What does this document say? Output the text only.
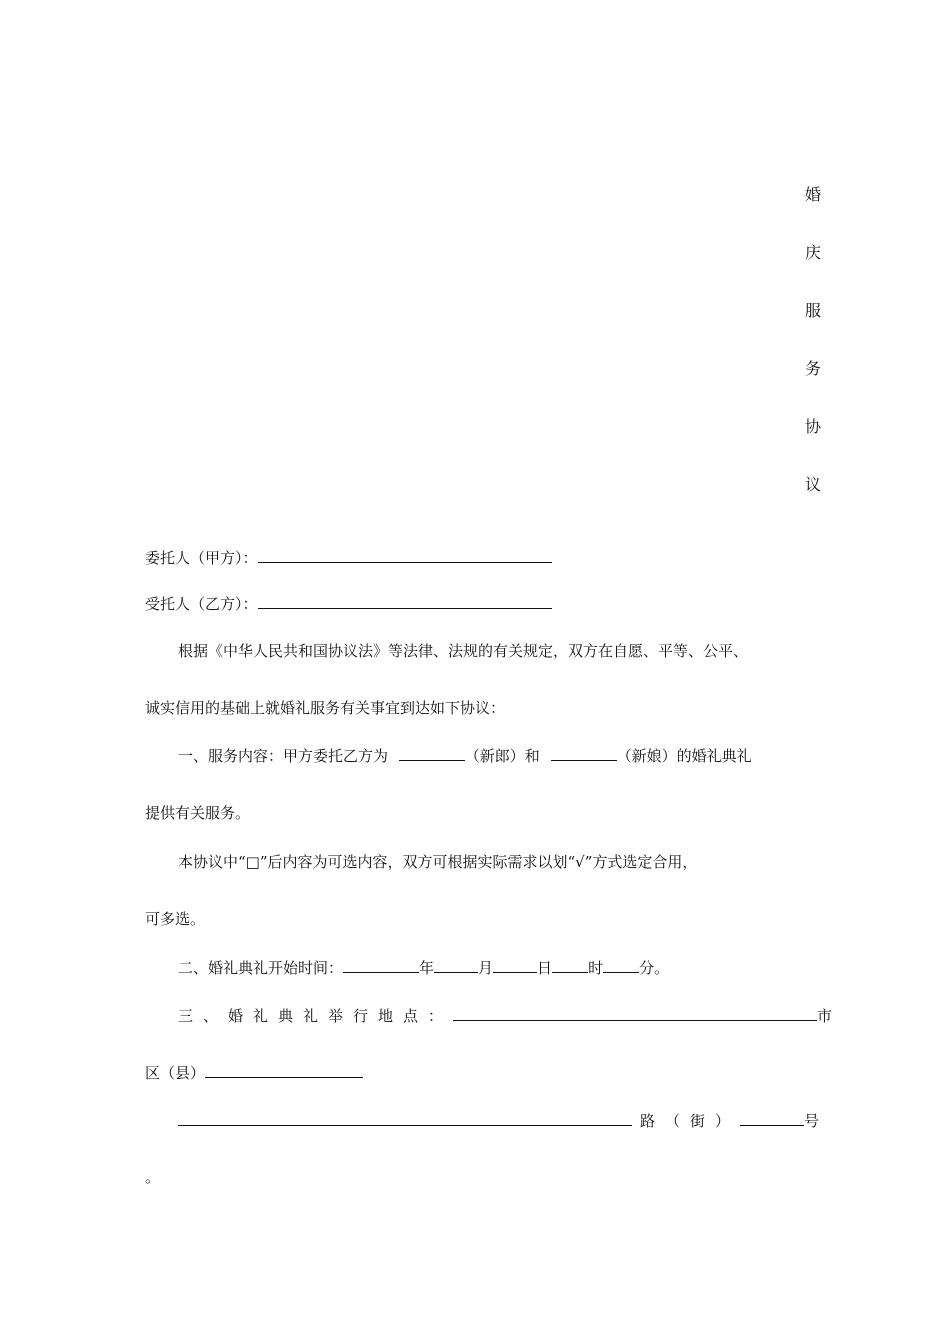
婚
庆
服
务
协
议
委托人（甲方）：
受托人（乙方）：
根据《中华人民共和国协议法》等法律、法规的有关规定，双方在自愿、平等、公平、
诚实信用的基础上就婚礼服务有关事宜到达如下协议：
一、服务内容：甲方委托乙方为	（新郎）和	（新娘）的婚礼典礼
提供有关服务。
本协议中“□”后内容为可选内容，双方可根据实际需求以划“√”方式选定合用，
可多选。
二、婚礼典礼开始时间：	年	月	日 时 分。
三、婚礼典礼举行地点：	市
区（县）
路（街）	号
。
